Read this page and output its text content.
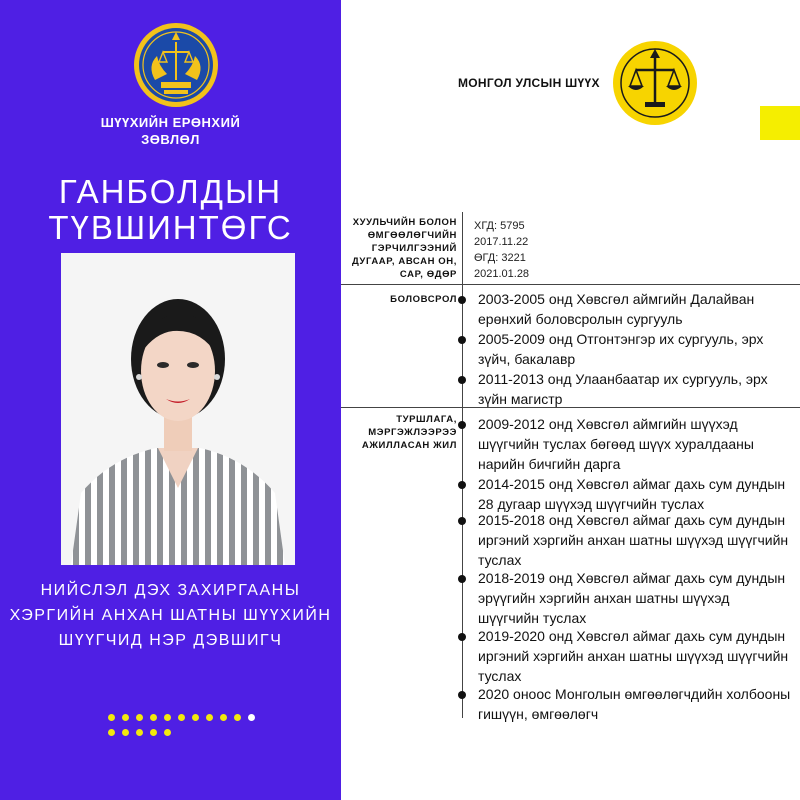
ШҮҮХИЙН ЕРӨНХИЙ
ЗӨВЛӨЛ
ГАНБОЛДЫН
ТҮВШИНТӨГС
НИЙСЛЭЛ ДЭХ ЗАХИРГААНЫ
ХЭРГИЙН АНХАН ШАТНЫ ШҮҮХИЙН
ШҮҮГЧИД НЭР ДЭВШИГЧ
МОНГОЛ УЛСЫН ШҮҮХ
ХУУЛЬЧИЙН БОЛОН
ӨМГӨӨЛӨГЧИЙН
ГЭРЧИЛГЭЭНИЙ
ДУГААР, АВСАН ОН,
САР, ӨДӨР
ХГД: 5795
2017.11.22
ӨГД: 3221
2021.01.28
БОЛОВСРОЛ 2003-2005 онд Хөвсгөл аймгийн Далайван
ерөнхий боловсролын сургууль
2005-2009 онд Отгонтэнгэр их сургууль, эрх
зүйч, бакалавр
2011-2013 онд Улаанбаатар их сургууль, эрх
зүйн магистр
ТУРШЛАГА,
МЭРГЭЖЛЭЭРЭЭ
АЖИЛЛАСАН ЖИЛ
2009-2012 онд Хөвсгөл аймгийн шүүхэд
шүүгчийн туслах бөгөөд шүүх хуралдааны
нарийн бичгийн дарга
2014-2015 онд Хөвсгөл аймаг дахь сум дундын
28 дугаар шүүхэд шүүгчийн туслах
2015-2018 онд Хөвсгөл аймаг дахь сум дундын
иргэний хэргийн анхан шатны шүүхэд шүүгчийн
туслах
2018-2019 онд Хөвсгөл аймаг дахь сум дундын
эрүүгийн хэргийн анхан шатны шүүхэд
шүүгчийн туслах
2019-2020 онд Хөвсгөл аймаг дахь сум дундын
иргэний хэргийн анхан шатны шүүхэд шүүгчийн
туслах
2020 оноос Монголын өмгөөлөгчдийн холбооны
гишүүн, өмгөөлөгч
